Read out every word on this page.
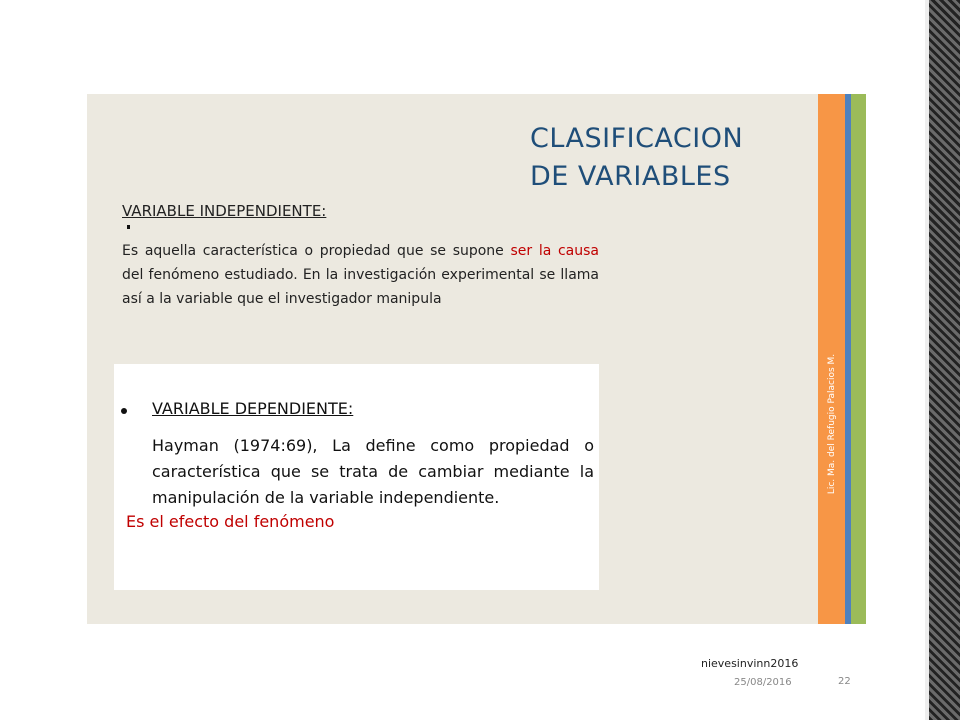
CLASIFICACION
DE VARIABLES
VARIABLE INDEPENDIENTE:
Es aquella característica o propiedad que se supone ser la causa del fenómeno estudiado. En la investigación experimental se llama así a la variable que el investigador manipula
VARIABLE DEPENDIENTE:
Hayman (1974:69), La define como propiedad o característica que se trata de cambiar mediante la manipulación de la variable independiente.
Es el efecto del fenómeno
Lic. Ma. del Refugio Palacios M.
nievesinvinn2016
25/08/2016	22
